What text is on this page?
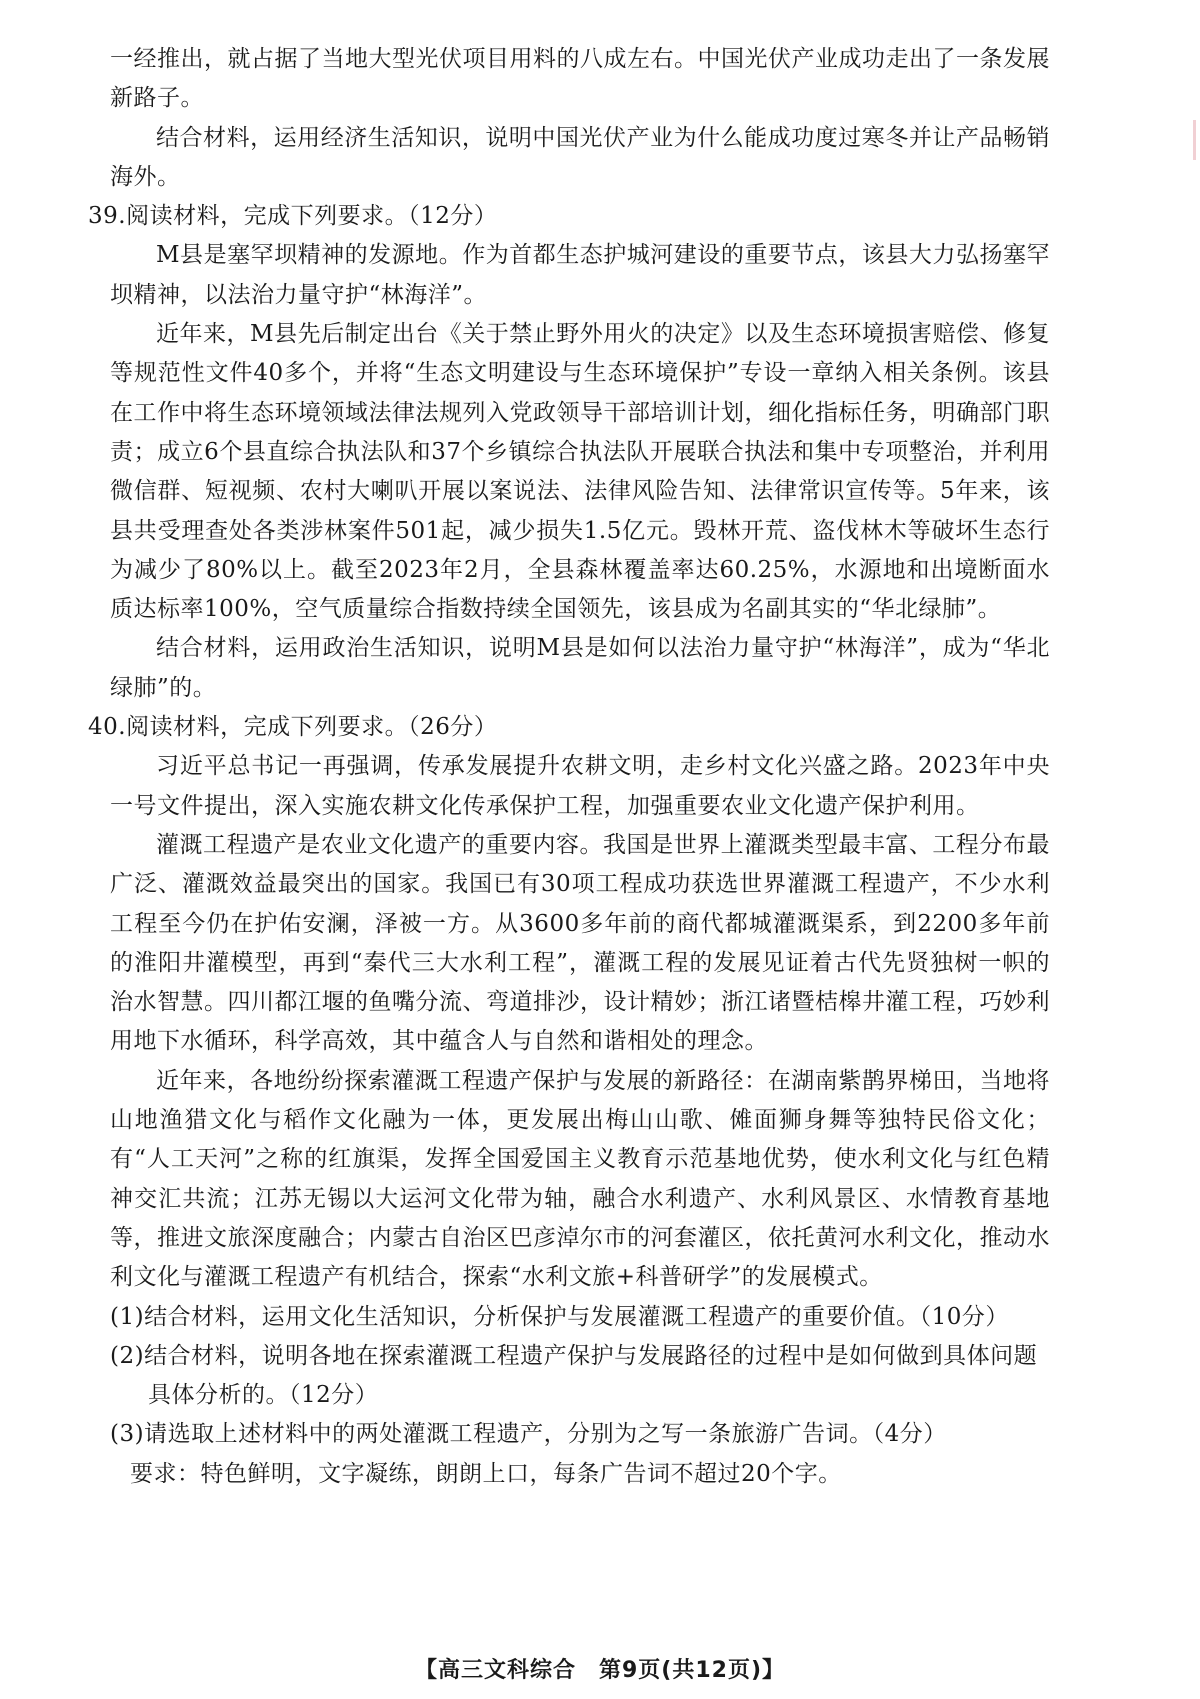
一经推出，就占据了当地大型光伏项目用料的八成左右。中国光伏产业成功走出了一条发展新路子。

结合材料，运用经济生活知识，说明中国光伏产业为什么能成功度过寒冬并让产品畅销海外。

39.阅读材料，完成下列要求。（12分）

M县是塞罕坝精神的发源地。作为首都生态护城河建设的重要节点，该县大力弘扬塞罕坝精神，以法治力量守护“林海洋”。

近年来，M县先后制定出台《关于禁止野外用火的决定》以及生态环境损害赔偿、修复等规范性文件40多个，并将“生态文明建设与生态环境保护”专设一章纳入相关条例。该县在工作中将生态环境领域法律法规列入党政领导干部培训计划，细化指标任务，明确部门职责；成立6个县直综合执法队和37个乡镇综合执法队开展联合执法和集中专项整治，并利用微信群、短视频、农村大喇叭开展以案说法、法律风险告知、法律常识宣传等。5年来，该县共受理查处各类涉林案件501起，减少损失1.5亿元。毁林开荒、盗伐林木等破坏生态行为减少了80%以上。截至2023年2月，全县森林覆盖率达60.25%，水源地和出境断面水质达标率100%，空气质量综合指数持续全国领先，该县成为名副其实的“华北绿肺”。

结合材料，运用政治生活知识，说明M县是如何以法治力量守护“林海洋”，成为“华北绿肺”的。

40.阅读材料，完成下列要求。（26分）

习近平总书记一再强调，传承发展提升农耕文明，走乡村文化兴盛之路。2023年中央一号文件提出，深入实施农耕文化传承保护工程，加强重要农业文化遗产保护利用。

灌溉工程遗产是农业文化遗产的重要内容。我国是世界上灌溉类型最丰富、工程分布最广泛、灌溉效益最突出的国家。我国已有30项工程成功获选世界灌溉工程遗产，不少水利工程至今仍在护佑安澜，泽被一方。从3600多年前的商代都城灌溉渠系，到2200多年前的淮阳井灌模型，再到“秦代三大水利工程”，灌溉工程的发展见证着古代先贤独树一帜的治水智慧。四川都江堰的鱼嘴分流、弯道排沙，设计精妙；浙江诸暨桔槔井灌工程，巧妙利用地下水循环，科学高效，其中蕴含人与自然和谐相处的理念。

近年来，各地纷纷探索灌溉工程遗产保护与发展的新路径：在湖南紫鹊界梯田，当地将山地渔猎文化与稻作文化融为一体，更发展出梅山山歌、傩面狮身舞等独特民俗文化；有“人工天河”之称的红旗渠，发挥全国爱国主义教育示范基地优势，使水利文化与红色精神交汇共流；江苏无锡以大运河文化带为轴，融合水利遗产、水利风景区、水情教育基地等，推进文旅深度融合；内蒙古自治区巴彦淖尔市的河套灌区，依托黄河水利文化，推动水利文化与灌溉工程遗产有机结合，探索“水利文旅+科普研学”的发展模式。

(1)结合材料，运用文化生活知识，分析保护与发展灌溉工程遗产的重要价值。（10分）

(2)结合材料，说明各地在探索灌溉工程遗产保护与发展路径的过程中是如何做到具体问题

具体分析的。（12分）

(3)请选取上述材料中的两处灌溉工程遗产，分别为之写一条旅游广告词。（4分）

要求：特色鲜明，文字凝练，朗朗上口，每条广告词不超过20个字。

【高三文科综合　第9页(共12页)】
